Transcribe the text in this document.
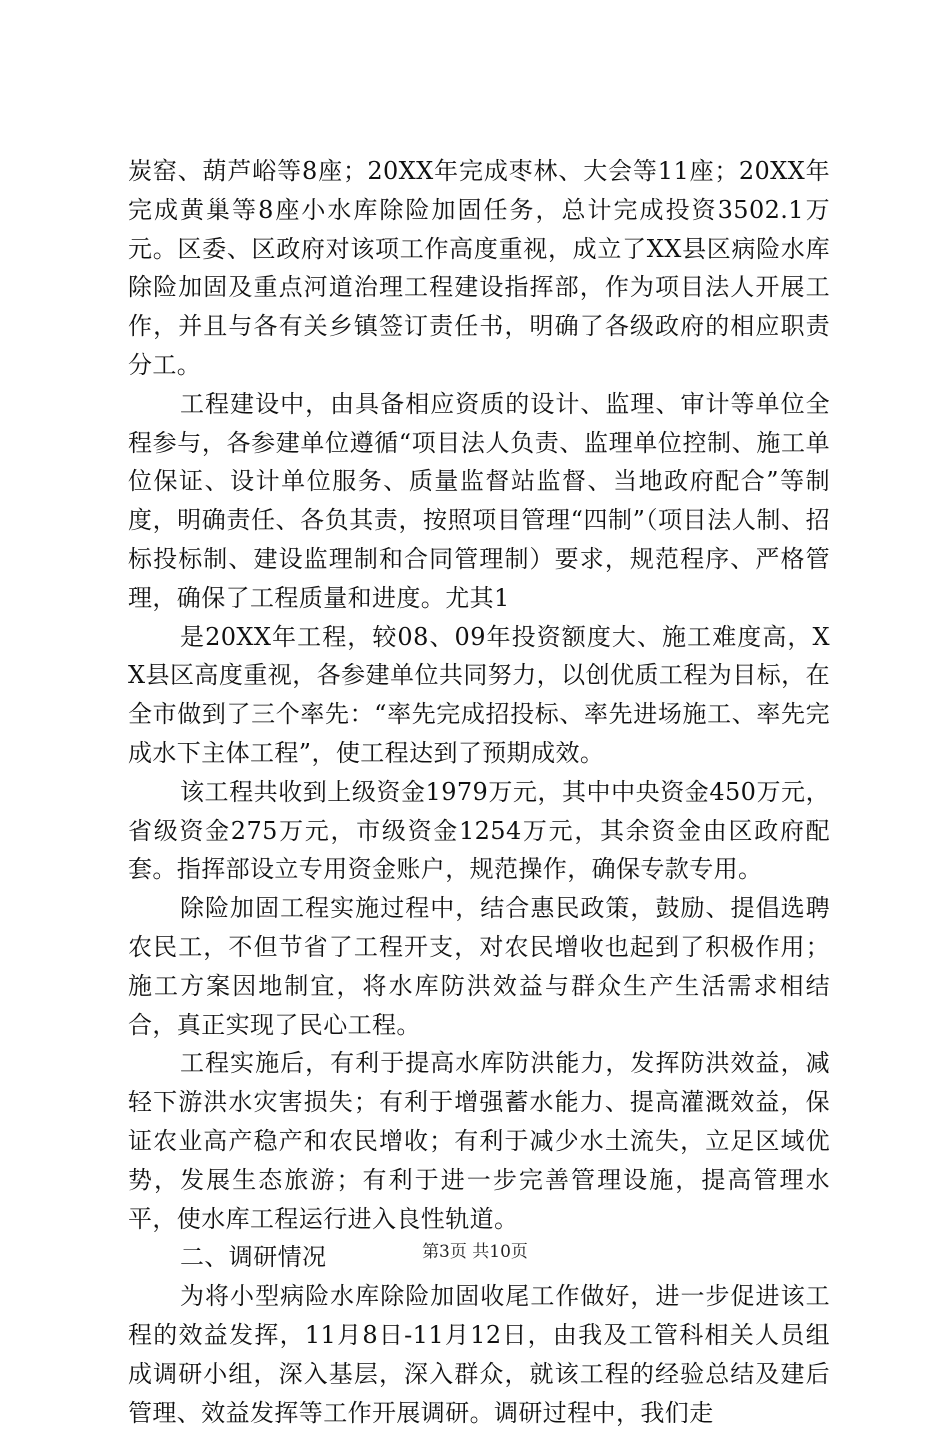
炭窑、葫芦峪等8座；20XX年完成枣林、大会等11座；20XX年完成黄巢等8座小水库除险加固任务，总计完成投资3502.1万元。区委、区政府对该项工作高度重视，成立了XX县区病险水库除险加固及重点河道治理工程建设指挥部，作为项目法人开展工作，并且与各有关乡镇签订责任书，明确了各级政府的相应职责分工。

工程建设中，由具备相应资质的设计、监理、审计等单位全程参与，各参建单位遵循“项目法人负责、监理单位控制、施工单位保证、设计单位服务、质量监督站监督、当地政府配合”等制度，明确责任、各负其责，按照项目管理“四制”（项目法人制、招标投标制、建设监理制和合同管理制）要求，规范程序、严格管理，确保了工程质量和进度。尤其1

是20XX年工程，较08、09年投资额度大、施工难度高，XX县区高度重视，各参建单位共同努力，以创优质工程为目标，在全市做到了三个率先：“率先完成招投标、率先进场施工、率先完成水下主体工程”，使工程达到了预期成效。

该工程共收到上级资金1979万元，其中中央资金450万元，省级资金275万元，市级资金1254万元，其余资金由区政府配套。指挥部设立专用资金账户，规范操作，确保专款专用。

除险加固工程实施过程中，结合惠民政策，鼓励、提倡选聘农民工，不但节省了工程开支，对农民增收也起到了积极作用；施工方案因地制宜，将水库防洪效益与群众生产生活需求相结合，真正实现了民心工程。

工程实施后，有利于提高水库防洪能力，发挥防洪效益，减轻下游洪水灾害损失；有利于增强蓄水能力、提高灌溉效益，保证农业高产稳产和农民增收；有利于减少水土流失，立足区域优势，发展生态旅游；有利于进一步完善管理设施，提高管理水平，使水库工程运行进入良性轨道。

二、调研情况

为将小型病险水库除险加固收尾工作做好，进一步促进该工程的效益发挥，11月8日-11月12日，由我及工管科相关人员组成调研小组，深入基层，深入群众，就该工程的经验总结及建后管理、效益发挥等工作开展调研。调研过程中，我们走

第3页 共10页
